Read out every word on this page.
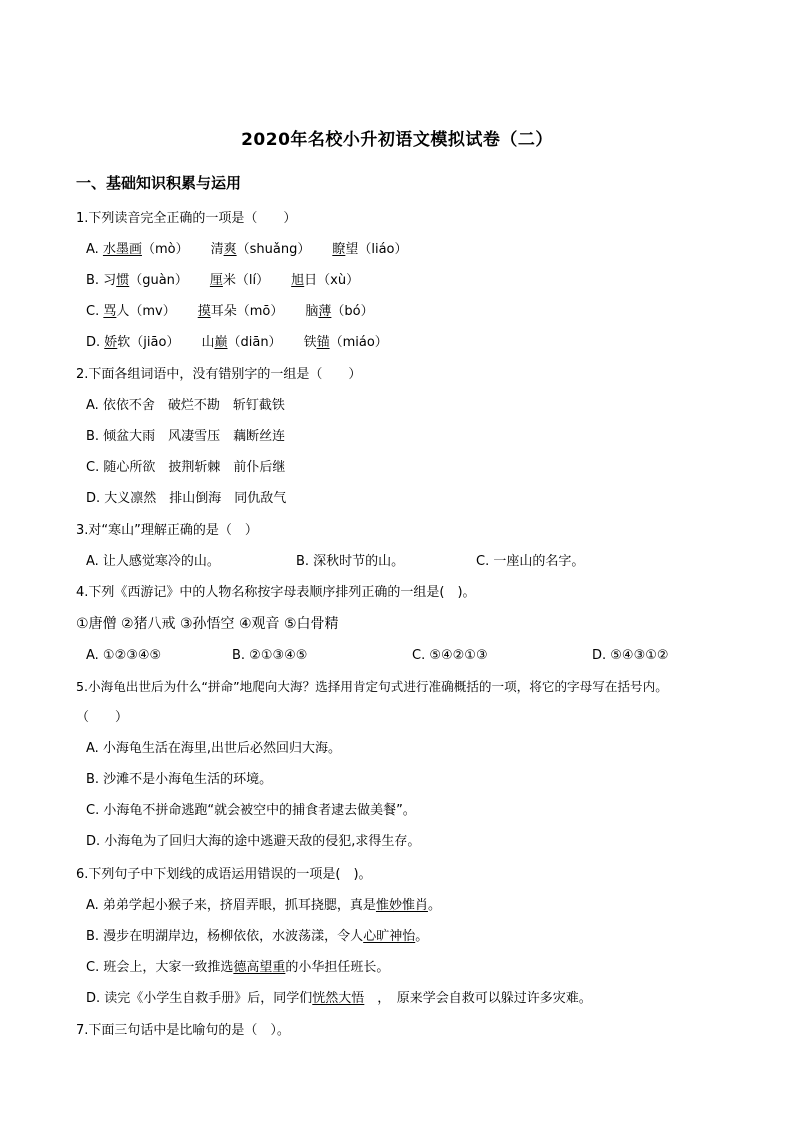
2020年名校小升初语文模拟试卷（二）
一、基础知识积累与运用
1.下列读音完全正确的一项是（　　）
A. 水墨画（mò） 清爽（shuǎng） 瞭望（liáo）
B. 习惯（guàn） 厘米（lí） 旭日（xù）
C. 骂人（mv） 摸耳朵（mō） 脑薄（bó）
D. 娇软（jiāo） 山巅（diān） 铁锚（miáo）
2.下面各组词语中，没有错别字的一组是（　　）
A. 依依不舍　破烂不勘　斩钉截铁
B. 倾盆大雨　风凄雪压　藕断丝连
C. 随心所欲　披荆斩棘　前仆后继
D. 大义凛然　排山倒海　同仇敌气
3.对“寒山”理解正确的是（　）
A. 让人感觉寒冷的山。	B. 深秋时节的山。	C. 一座山的名字。
4.下列《西游记》中的人物名称按字母表顺序排列正确的一组是(　)。
①唐僧 ②猪八戒 ③孙悟空 ④观音 ⑤白骨精
A. ①②③④⑤	B. ②①③④⑤	C. ⑤④②①③	D. ⑤④③①②
5.小海龟出世后为什么“拼命”地爬向大海？选择用肯定句式进行准确概括的一项，将它的字母写在括号内。
（　　）
A. 小海龟生活在海里,出世后必然回归大海。
B. 沙滩不是小海龟生活的环境。
C. 小海龟不拼命逃跑“就会被空中的捕食者逮去做美餐”。
D. 小海龟为了回归大海的途中逃避天敌的侵犯,求得生存。
6.下列句子中下划线的成语运用错误的一项是(　)。
A. 弟弟学起小猴子来，挤眉弄眼，抓耳挠腮，真是惟妙惟肖。
B. 漫步在明湖岸边，杨柳依依，水波荡漾，令人心旷神怡。
C. 班会上，大家一致推选德高望重的小华担任班长。
D. 读完《小学生自救手册》后，同学们恍然大悟　，　原来学会自救可以躲过许多灾难。
7.下面三句话中是比喻句的是（　）。
